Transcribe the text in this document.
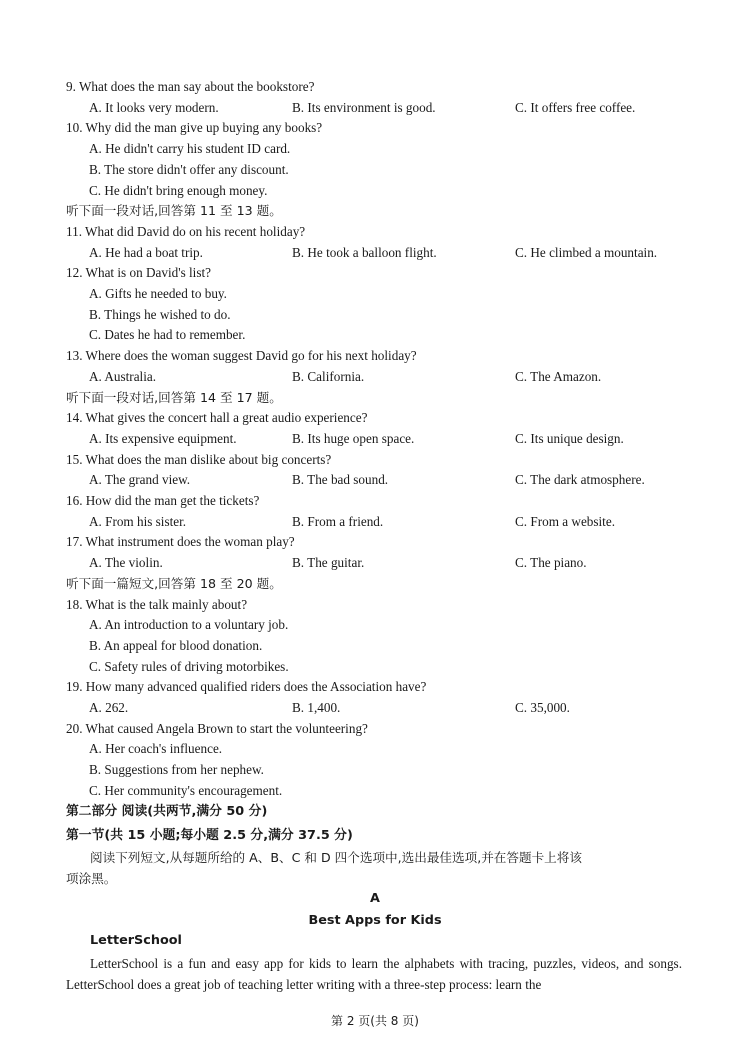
9. What does the man say about the bookstore?
A. It looks very modern.	B. Its environment is good.	C. It offers free coffee.
10. Why did the man give up buying any books?
A. He didn't carry his student ID card.
B. The store didn't offer any discount.
C. He didn't bring enough money.
听下面一段对话,回答第 11 至 13 题。
11. What did David do on his recent holiday?
A. He had a boat trip.	B. He took a balloon flight.	C. He climbed a mountain.
12. What is on David's list?
A. Gifts he needed to buy.
B. Things he wished to do.
C. Dates he had to remember.
13. Where does the woman suggest David go for his next holiday?
A. Australia.	B. California.	C. The Amazon.
听下面一段对话,回答第 14 至 17 题。
14. What gives the concert hall a great audio experience?
A. Its expensive equipment.	B. Its huge open space.	C. Its unique design.
15. What does the man dislike about big concerts?
A. The grand view.	B. The bad sound.	C. The dark atmosphere.
16. How did the man get the tickets?
A. From his sister.	B. From a friend.	C. From a website.
17. What instrument does the woman play?
A. The violin.	B. The guitar.	C. The piano.
听下面一篇短文,回答第 18 至 20 题。
18. What is the talk mainly about?
A. An introduction to a voluntary job.
B. An appeal for blood donation.
C. Safety rules of driving motorbikes.
19. How many advanced qualified riders does the Association have?
A. 262.	B. 1,400.	C. 35,000.
20. What caused Angela Brown to start the volunteering?
A. Her coach's influence.
B. Suggestions from her nephew.
C. Her community's encouragement.
第二部分 阅读(共两节,满分 50 分)
第一节(共 15 小题;每小题 2.5 分,满分 37.5 分)
阅读下列短文,从每题所给的 A、B、C 和 D 四个选项中,选出最佳选项,并在答题卡上将该
项涂黑。
A
Best Apps for Kids
LetterSchool
LetterSchool is a fun and easy app for kids to learn the alphabets with tracing, puzzles, videos, and songs. LetterSchool does a great job of teaching letter writing with a three-step process: learn the
第 2 页(共 8 页)
